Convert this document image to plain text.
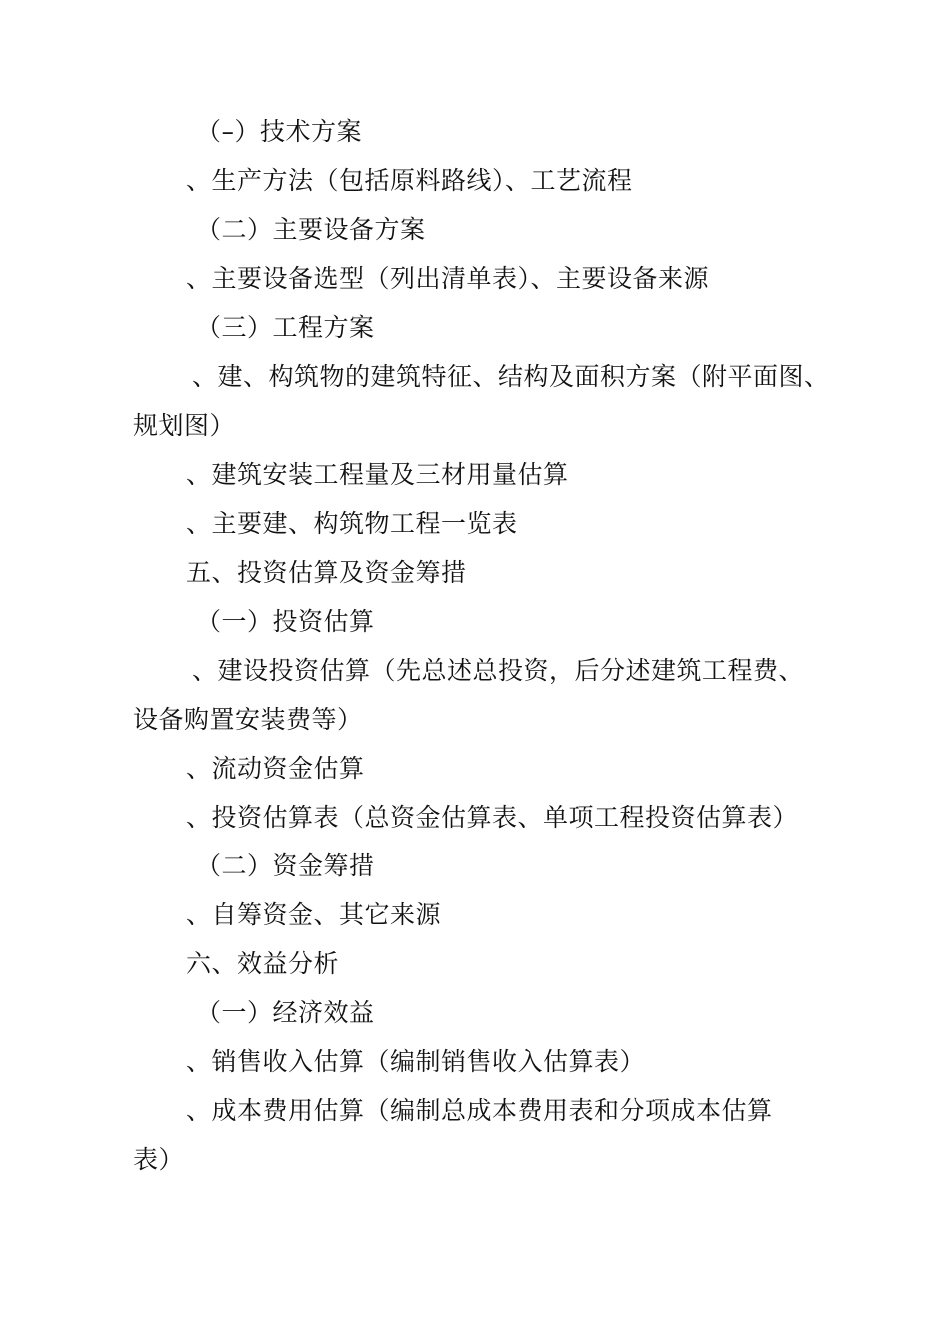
（–）技术方案
、生产方法（包括原料路线）、工艺流程
（二）主要设备方案
、主要设备选型（列出清单表）、主要设备来源
（三）工程方案
、建、构筑物的建筑特征、结构及面积方案（附平面图、
规划图）
、建筑安装工程量及三材用量估算
、主要建、构筑物工程一览表
五、投资估算及资金筹措
（一）投资估算
、建设投资估算（先总述总投资，后分述建筑工程费、
设备购置安装费等）
、流动资金估算
、投资估算表（总资金估算表、单项工程投资估算表）
（二）资金筹措
、自筹资金、其它来源
六、效益分析
（一）经济效益
、销售收入估算（编制销售收入估算表）
、成本费用估算（编制总成本费用表和分项成本估算
表）
